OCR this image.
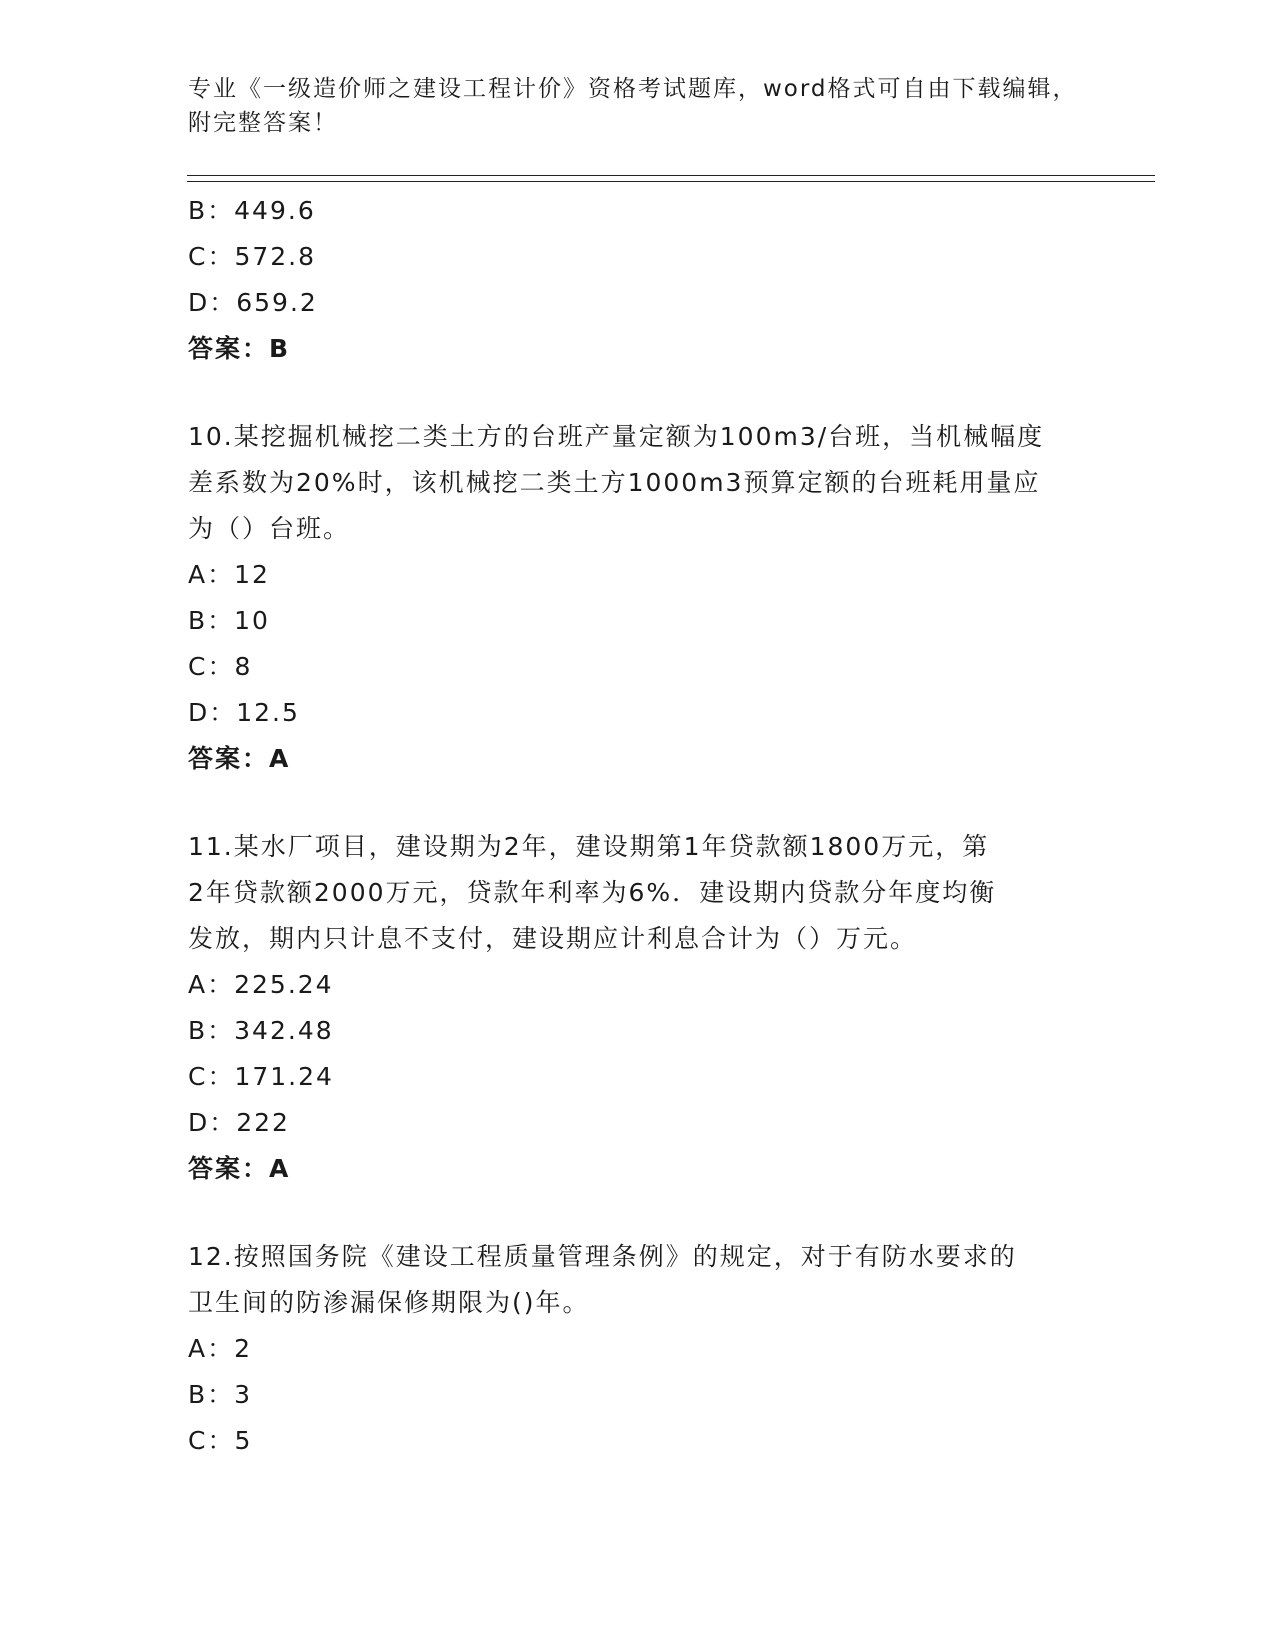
专业《一级造价师之建设工程计价》资格考试题库，word格式可自由下载编辑，
附完整答案！
B：449.6
C：572.8
D：659.2
答案：B
10.某挖掘机械挖二类土方的台班产量定额为100m3/台班，当机械幅度
差系数为20%时，该机械挖二类土方1000m3预算定额的台班耗用量应
为（）台班。
A：12
B：10
C：8
D：12.5
答案：A
11.某水厂项目，建设期为2年，建设期第1年贷款额1800万元，第
2年贷款额2000万元，贷款年利率为6%．建设期内贷款分年度均衡
发放，期内只计息不支付，建设期应计利息合计为（）万元。
A：225.24
B：342.48
C：171.24
D：222
答案：A
12.按照国务院《建设工程质量管理条例》的规定，对于有防水要求的
卫生间的防渗漏保修期限为()年。
A：2
B：3
C：5
